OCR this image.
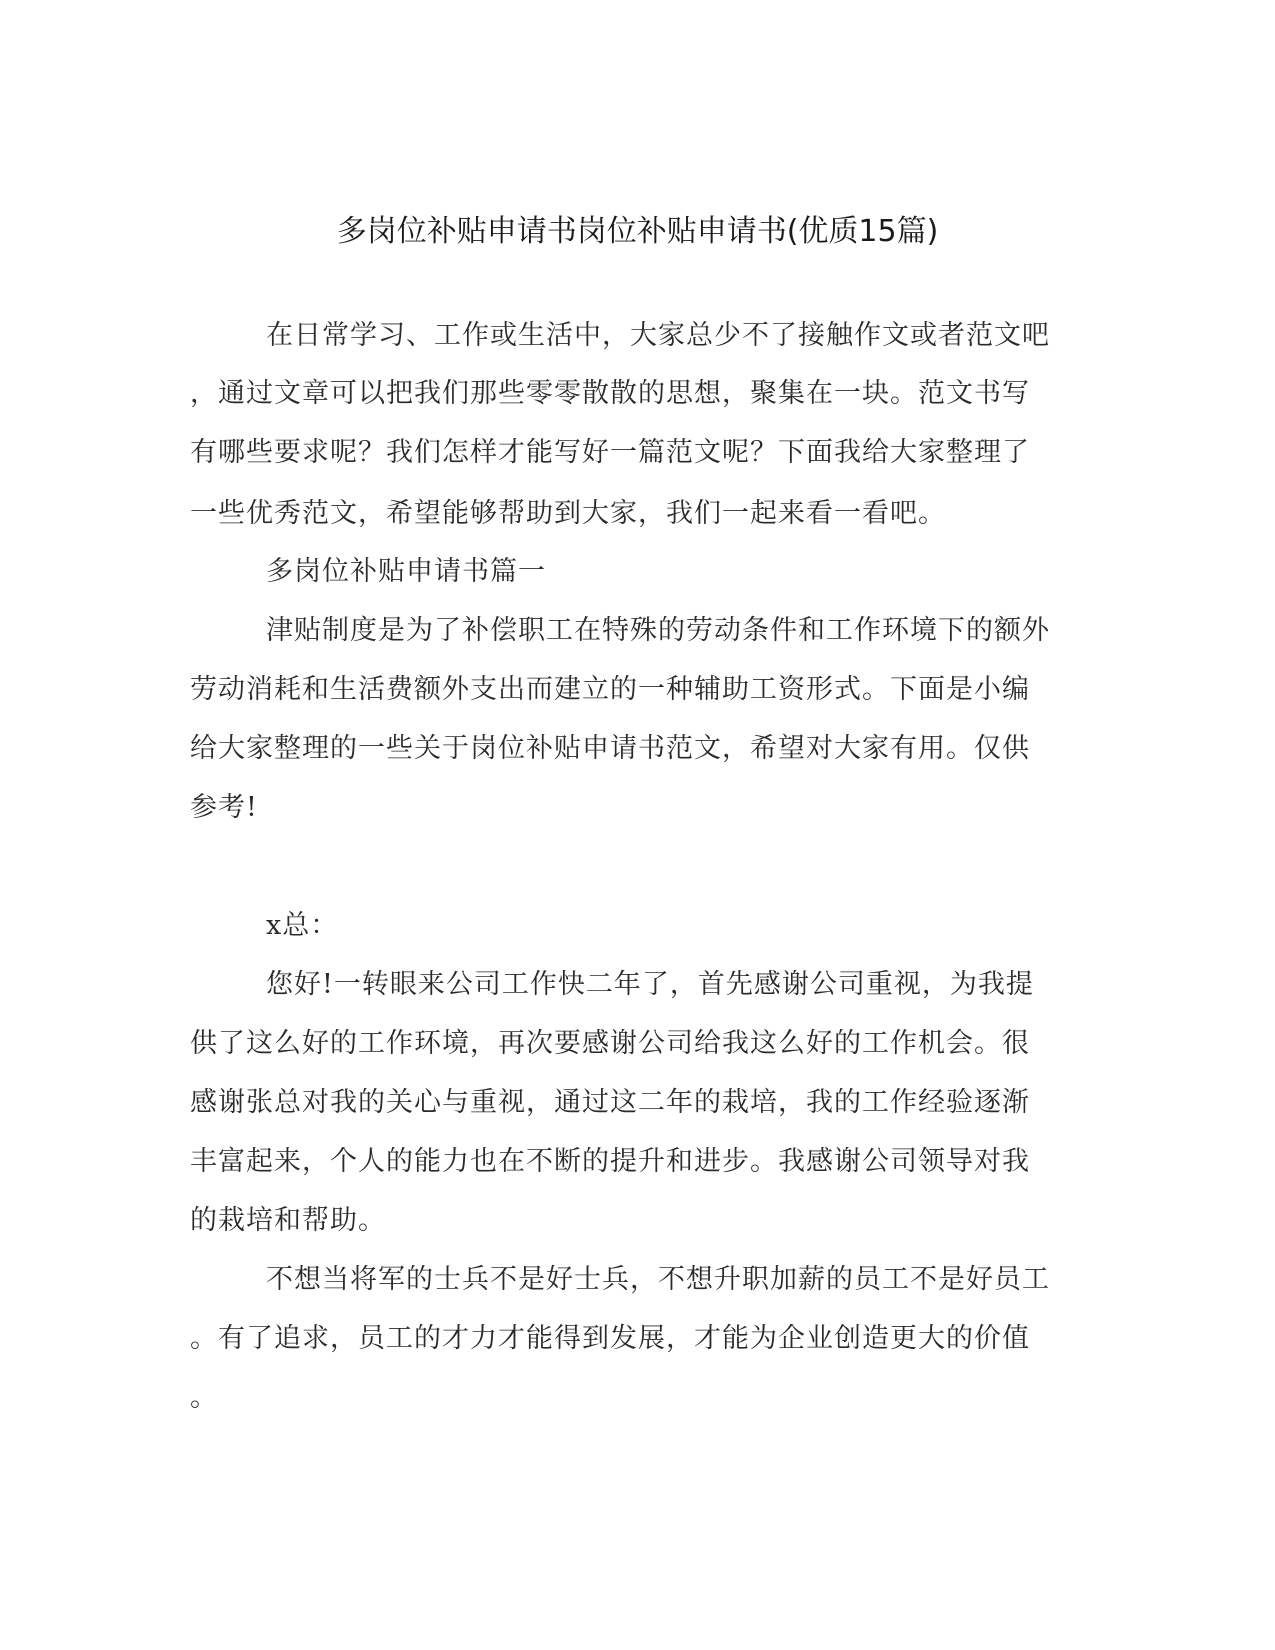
多岗位补贴申请书岗位补贴申请书(优质15篇)
在日常学习、工作或生活中，大家总少不了接触作文或者范文吧
，通过文章可以把我们那些零零散散的思想，聚集在一块。范文书写
有哪些要求呢？我们怎样才能写好一篇范文呢？下面我给大家整理了
一些优秀范文，希望能够帮助到大家，我们一起来看一看吧。
多岗位补贴申请书篇一
津贴制度是为了补偿职工在特殊的劳动条件和工作环境下的额外
劳动消耗和生活费额外支出而建立的一种辅助工资形式。下面是小编
给大家整理的一些关于岗位补贴申请书范文，希望对大家有用。仅供
参考!
x总：
您好!一转眼来公司工作快二年了，首先感谢公司重视，为我提
供了这么好的工作环境，再次要感谢公司给我这么好的工作机会。很
感谢张总对我的关心与重视，通过这二年的栽培，我的工作经验逐渐
丰富起来，个人的能力也在不断的提升和进步。我感谢公司领导对我
的栽培和帮助。
不想当将军的士兵不是好士兵，不想升职加薪的员工不是好员工
。有了追求，员工的才力才能得到发展，才能为企业创造更大的价值
。
